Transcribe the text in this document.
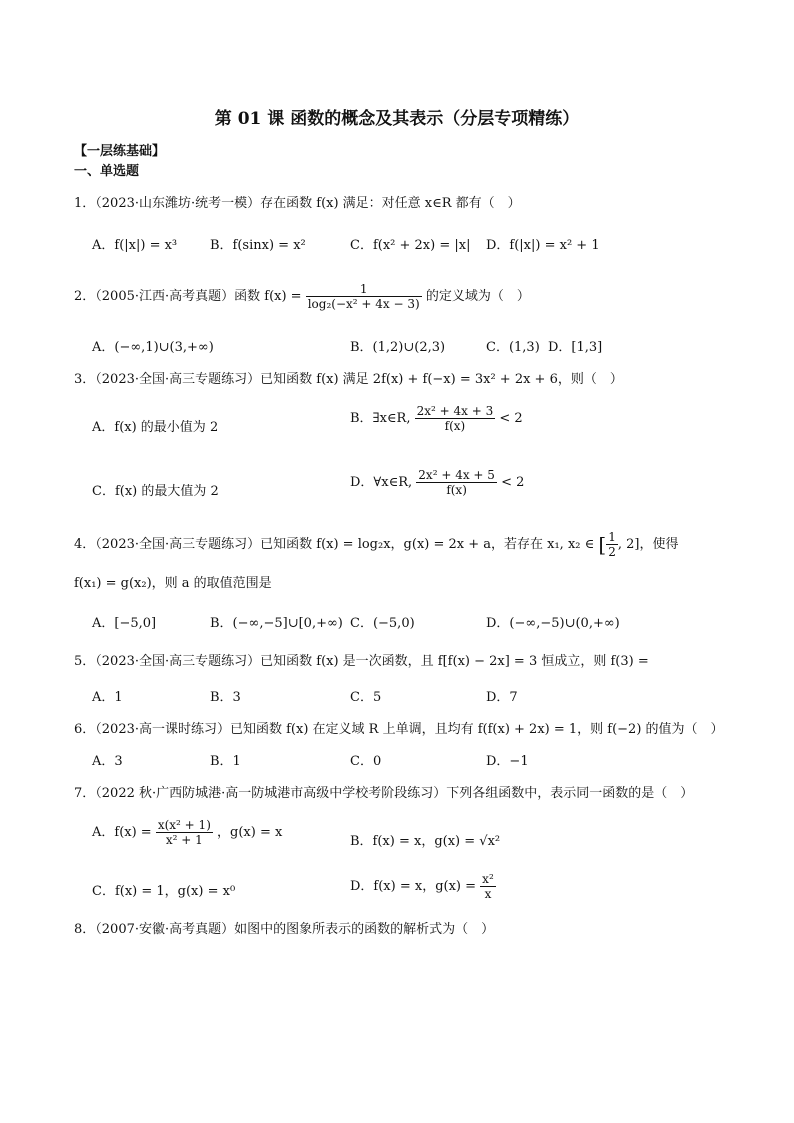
第 01 课 函数的概念及其表示（分层专项精练）
【一层练基础】
一、单选题
1．（2023·山东潍坊·统考一模）存在函数 f(x) 满足：对任意 x∈R 都有（　）
A．f(|x|) = x³	B．f(sinx) = x²	C．f(x² + 2x) = |x| D．f(|x|) = x² + 1
2．（2005·江西·高考真题）函数 $f(x) = \frac{1}{\text{log₂(−x² + 4x − 3)}}$ 的定义域为（　）
A．(−∞,1)∪(3,+∞)	B．(1,2)∪(2,3)	C．(1,3) D．[1,3]
3．（2023·全国·高三专题练习）已知函数 f(x) 满足 2f(x) + f(−x) = 3x² + 2x + 6，则（　）
A．f(x) 的最小值为 2
B．∃x∈R, $\frac{\text{2x² + 4x + 3}}{f(x)} < 2$
C．f(x) 的最大值为 2
D．∀x∈R, $\frac{\text{2x² + 4x + 5}}{f(x)} < 2$
4．（2023·全国·高三专题练习）已知函数 f(x) = log₂x，g(x) = 2x + a，若存在 x₁, x₂ ∈ [ $\frac{1}{2}$ , 2]，使得
f(x₁) = g(x₂)，则 a 的取值范围是
A．[−5,0]	B．(−∞,−5]∪[0,+∞) C．(−5,0)	D．(−∞,−5)∪(0,+∞)
5．（2023·全国·高三专题练习）已知函数 f(x) 是一次函数，且 f[f(x) − 2x] = 3 恒成立，则 f(3) =
A．1	B．3	C．5	D．7
6．（2023·高一课时练习）已知函数 f(x) 在定义域 R 上单调，且均有 f(f(x) + 2x) = 1，则 f(−2) 的值为（　）
A．3	B．1	C．0	D．−1
7．（2022 秋·广西防城港·高一防城港市高级中学校考阶段练习）下列各组函数中，表示同一函数的是（　）
A．$f(x) = \frac{\text{x(x² + 1)}}{\text{x² + 1}}$ ，g(x) = x
B．f(x) = x，g(x) = √x²
C．f(x) = 1，g(x) = x⁰	D．f(x) = x，$g(x) = \frac{\text{x²}}{x}$
8．（2007·安徽·高考真题）如图中的图象所表示的函数的解析式为（　）
